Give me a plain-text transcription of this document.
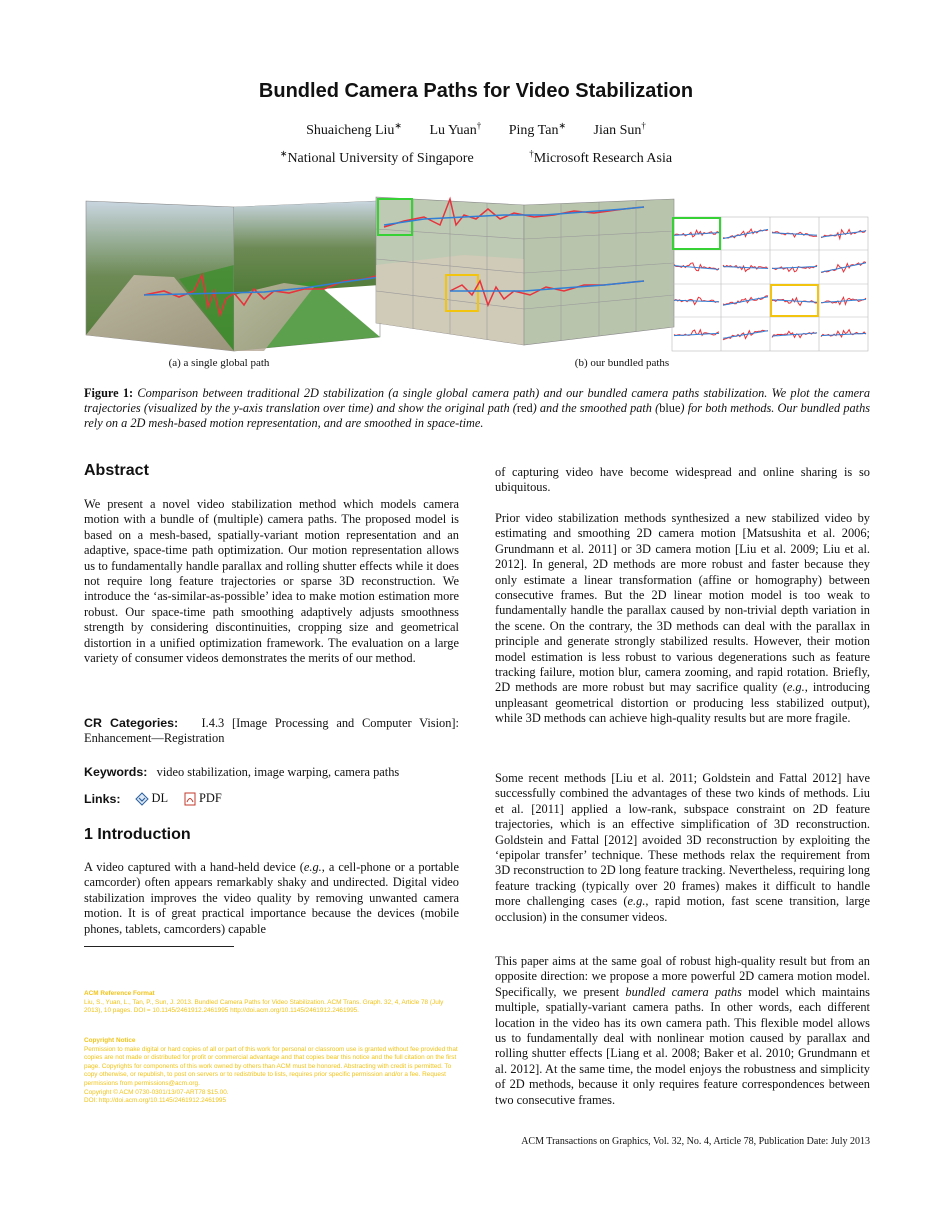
Bundled Camera Paths for Video Stabilization
Shuaicheng Liu∗ Lu Yuan† Ping Tan∗ Jian Sun†
∗National University of Singapore	†Microsoft Research Asia
(a) a single global path	(b) our bundled paths
Figure 1: Comparison between traditional 2D stabilization (a single global camera path) and our bundled camera paths stabilization. We plot the camera trajectories (visualized by the y-axis translation over time) and show the original path (red) and the smoothed path (blue) for both methods. Our bundled paths rely on a 2D mesh-based motion representation, and are smoothed in space-time.
Abstract

We present a novel video stabilization method which models camera motion with a bundle of (multiple) camera paths. The proposed model is based on a mesh-based, spatially-variant motion representation and an adaptive, space-time path optimization. Our motion representation allows us to fundamentally handle parallax and rolling shutter effects while it does not require long feature trajectories or sparse 3D reconstruction. We introduce the ‘as-similar-as-possible’ idea to make motion estimation more robust. Our space-time path smoothing adaptively adjusts smoothness strength by considering discontinuities, cropping size and geometrical distortion in a unified optimization framework. The evaluation on a large variety of consumer videos demonstrates the merits of our method.

CR Categories: I.4.3 [Image Processing and Computer Vision]: Enhancement—Registration

Keywords: video stabilization, image warping, camera paths

Links:	DL	PDF
1 Introduction

A video captured with a hand-held device (e.g., a cell-phone or a portable camcorder) often appears remarkably shaky and undirected. Digital video stabilization improves the video quality by removing unwanted camera motion. It is of great practical importance because the devices (mobile phones, tablets, camcorders) capable

ACM Reference Format
Liu, S., Yuan, L., Tan, P., Sun, J. 2013. Bundled Camera Paths for Video Stabilization. ACM Trans. Graph. 32, 4, Article 78 (July 2013), 10 pages. DOI = 10.1145/2461912.2461995 http://doi.acm.org/10.1145/2461912.2461995.
Copyright Notice
Permission to make digital or hard copies of all or part of this work for personal or classroom use is granted without fee provided that copies are not made or distributed for profit or commercial advantage and that copies bear this notice and the full citation on the first page. Copyrights for components of this work owned by others than ACM must be honored. Abstracting with credit is permitted. To copy otherwise, or republish, to post on servers or to redistribute to lists, requires prior specific permission and/or a fee. Request permissions from permissions@acm.org.
Copyright © ACM 0730-0301/13/07-ART78 $15.00.
DOI: http://doi.acm.org/10.1145/2461912.2461995

of capturing video have become widespread and online sharing is so ubiquitous.

Prior video stabilization methods synthesized a new stabilized video by estimating and smoothing 2D camera motion [Matsushita et al. 2006; Grundmann et al. 2011] or 3D camera motion [Liu et al. 2009; Liu et al. 2012]. In general, 2D methods are more robust and faster because they only estimate a linear transformation (affine or homography) between consecutive frames. But the 2D linear motion model is too weak to fundamentally handle the parallax caused by non-trivial depth variation in the scene. On the contrary, the 3D methods can deal with the parallax in principle and generate strongly stabilized results. However, their motion model estimation is less robust to various degenerations such as feature tracking failure, motion blur, camera zooming, and rapid rotation. Briefly, 2D methods are more robust but may sacrifice quality (e.g., introducing unpleasant geometrical distortion or producing less stabilized output), while 3D methods can achieve high-quality results but are more fragile.

Some recent methods [Liu et al. 2011; Goldstein and Fattal 2012] have successfully combined the advantages of these two kinds of methods. Liu et al. [2011] applied a low-rank, subspace constraint on 2D feature trajectories, which is an effective simplification of 3D reconstruction. Goldstein and Fattal [2012] avoided 3D reconstruction by exploiting the ‘epipolar transfer’ technique. These methods relax the requirement from 3D reconstruction to 2D long feature tracking. Nevertheless, requiring long feature tracking (typically over 20 frames) makes it difficult to handle more challenging cases (e.g., rapid motion, fast scene transition, large occlusion) in the consumer videos.

This paper aims at the same goal of robust high-quality result but from an opposite direction: we propose a more powerful 2D camera motion model. Specifically, we present bundled camera paths model which maintains multiple, spatially-variant camera paths. In other words, each different location in the video has its own camera path. This flexible model allows us to fundamentally deal with nonlinear motion caused by parallax and rolling shutter effects [Liang et al. 2008; Baker et al. 2010; Grundmann et al. 2012]. At the same time, the model enjoys the robustness and simplicity of 2D methods, because it only requires feature correspondences between two consecutive frames.

ACM Transactions on Graphics, Vol. 32, No. 4, Article 78, Publication Date: July 2013
